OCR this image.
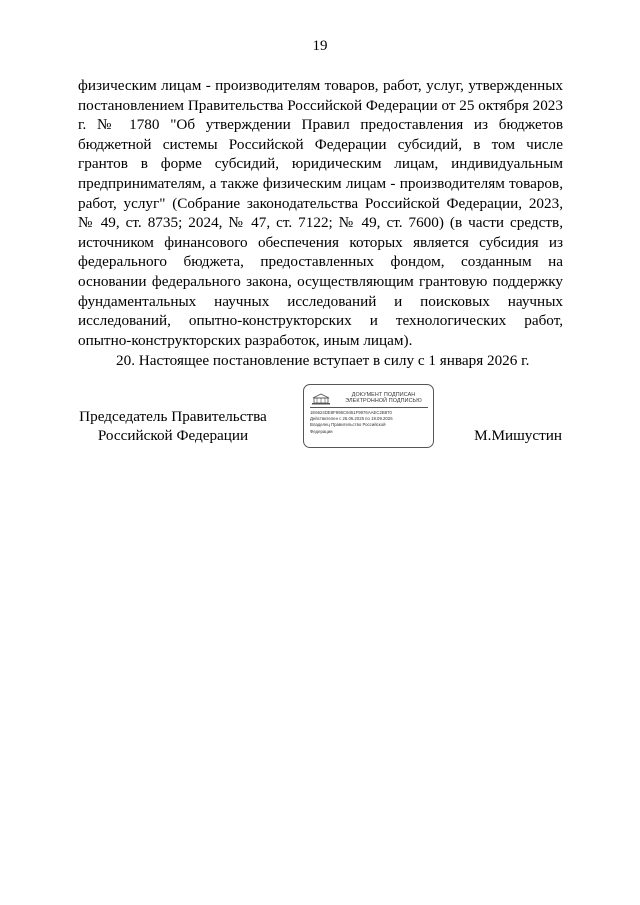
19

физическим лицам - производителям товаров, работ, услуг, утвержденных постановлением Правительства Российской Федерации от 25 октября 2023 г. № 1780 "Об утверждении Правил предоставления из бюджетов бюджетной системы Российской Федерации субсидий, в том числе грантов в форме субсидий, юридическим лицам, индивидуальным предпринимателям, а также физическим лицам - производителям товаров, работ, услуг" (Собрание законодательства Российской Федерации, 2023, № 49, ст. 8735; 2024, № 47, ст. 7122; № 49, ст. 7600) (в части средств, источником финансового обеспечения которых является субсидия из федерального бюджета, предоставленных фондом, созданным на основании федерального закона, осуществляющим грантовую поддержку фундаментальных научных исследований и поисковых научных исследований, опытно-конструкторских и технологических работ, опытно-конструкторских разработок, иным лицам).

20. Настоящее постановление вступает в силу с 1 января 2026 г.

Председатель Правительства
Российской Федерации
ДОКУМЕНТ ПОДПИСАН
ЭЛЕКТРОННОЙ ПОДПИСЬЮ
1E6624DE8F995C9451F9976AAEC2B870
Действителен с 26.06.2025 по 19.09.2026
Владелец Правительство Российской
Федерации	М.Мишустин
